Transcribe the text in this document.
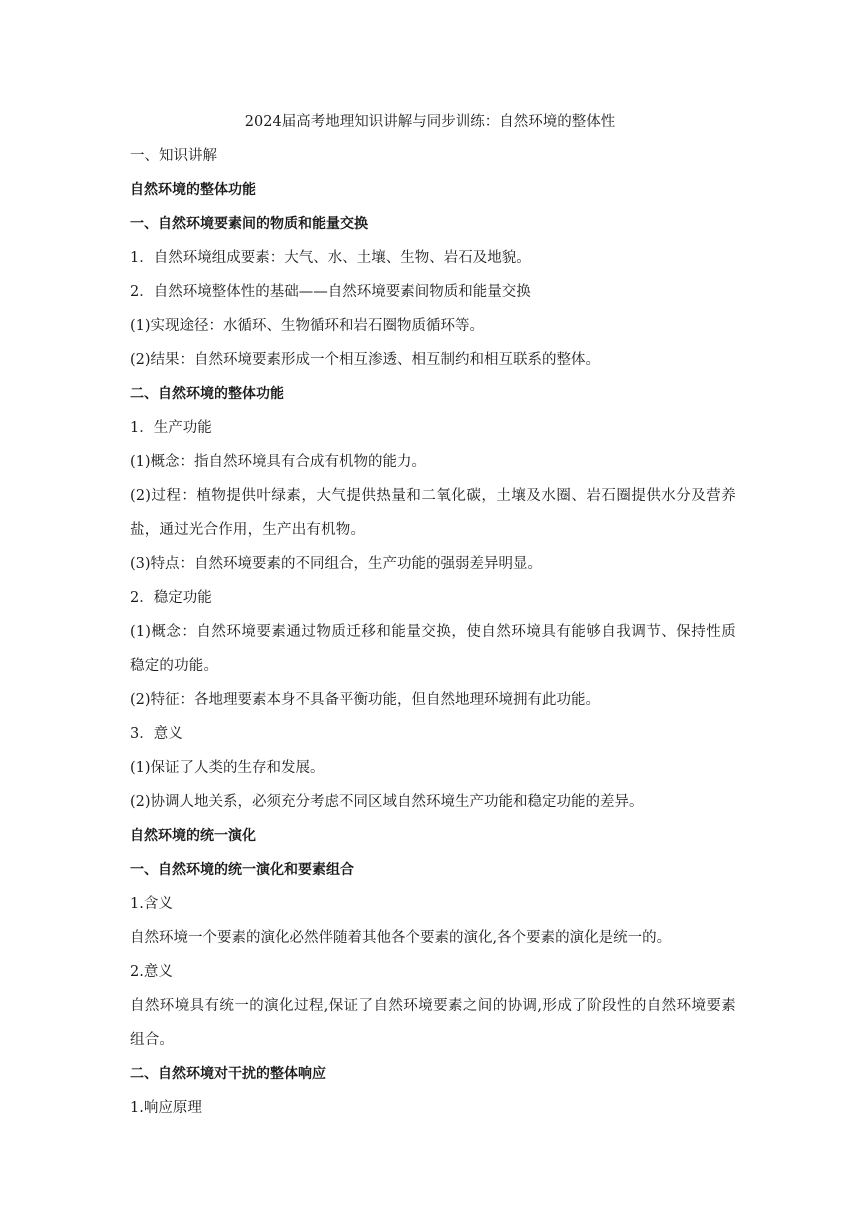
2024届高考地理知识讲解与同步训练：自然环境的整体性
一、知识讲解
自然环境的整体功能
一、自然环境要素间的物质和能量交换
1．自然环境组成要素：大气、水、土壤、生物、岩石及地貌。
2．自然环境整体性的基础——自然环境要素间物质和能量交换
(1)实现途径：水循环、生物循环和岩石圈物质循环等。
(2)结果：自然环境要素形成一个相互渗透、相互制约和相互联系的整体。
二、自然环境的整体功能
1．生产功能
(1)概念：指自然环境具有合成有机物的能力。
(2)过程：植物提供叶绿素，大气提供热量和二氧化碳，土壤及水圈、岩石圈提供水分及营养盐，通过光合作用，生产出有机物。
(3)特点：自然环境要素的不同组合，生产功能的强弱差异明显。
2．稳定功能
(1)概念：自然环境要素通过物质迁移和能量交换，使自然环境具有能够自我调节、保持性质稳定的功能。
(2)特征：各地理要素本身不具备平衡功能，但自然地理环境拥有此功能。
3．意义
(1)保证了人类的生存和发展。
(2)协调人地关系，必须充分考虑不同区域自然环境生产功能和稳定功能的差异。
自然环境的统一演化
一、自然环境的统一演化和要素组合
1.含义
自然环境一个要素的演化必然伴随着其他各个要素的演化,各个要素的演化是统一的。
2.意义
自然环境具有统一的演化过程,保证了自然环境要素之间的协调,形成了阶段性的自然环境要素组合。
二、自然环境对干扰的整体响应
1.响应原理
